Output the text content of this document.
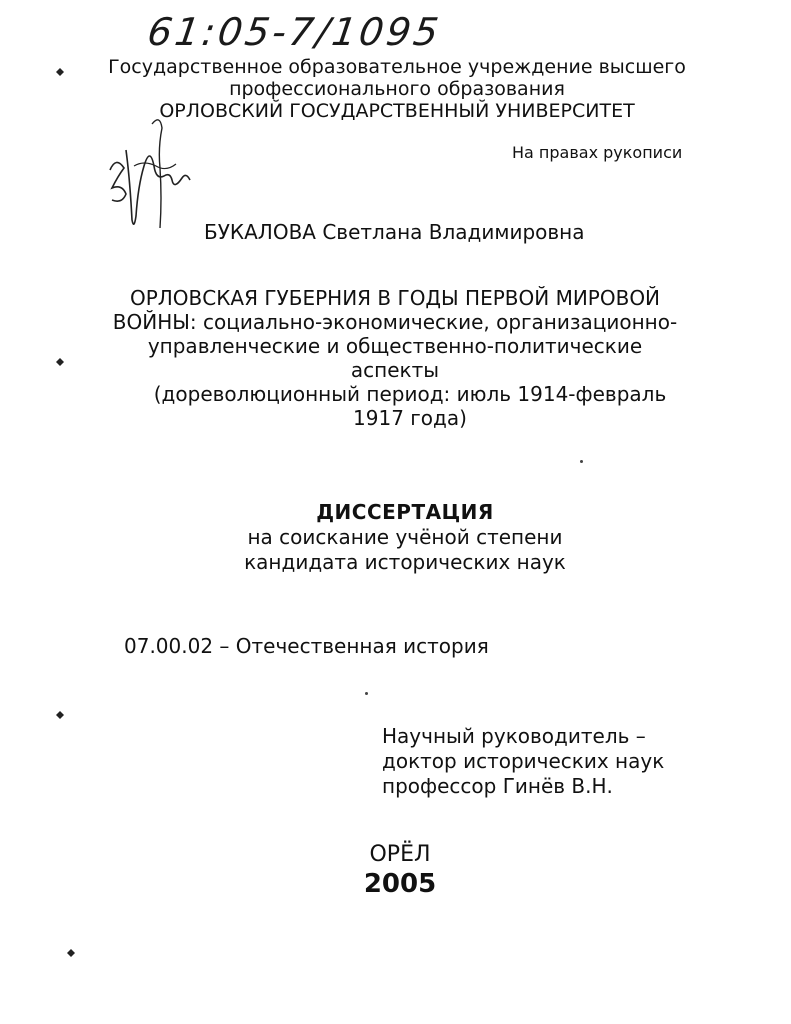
61:05-7/1095
Государственное образовательное учреждение высшего
профессионального образования
ОРЛОВСКИЙ ГОСУДАРСТВЕННЫЙ УНИВЕРСИТЕТ
На правах рукописи
БУКАЛОВА Светлана Владимировна
ОРЛОВСКАЯ ГУБЕРНИЯ В ГОДЫ ПЕРВОЙ МИРОВОЙ
ВОЙНЫ: социально-экономические, организационно-
управленческие и общественно-политические
аспекты
(дореволюционный период: июль 1914-февраль
1917 года)
ДИССЕРТАЦИЯ
на соискание учёной степени
кандидата исторических наук
07.00.02 – Отечественная история
Научный руководитель –
доктор исторических наук
профессор Гинёв В.Н.
ОРЁЛ
2005
